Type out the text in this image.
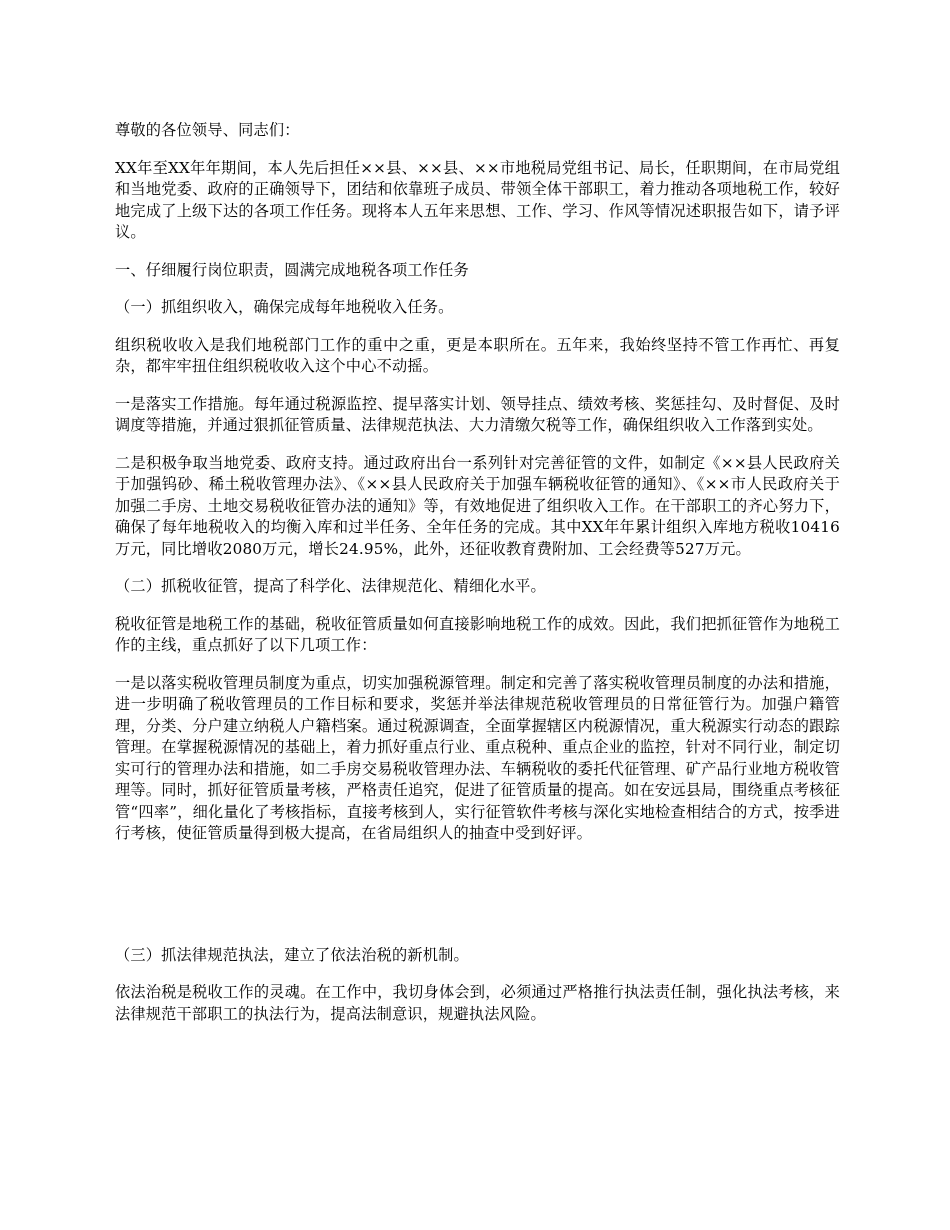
尊敬的各位领导、同志们：

XX年至XX年年期间，本人先后担任××县、××县、××市地税局党组书记、局长，任职期间，在市局党组和当地党委、政府的正确领导下，团结和依靠班子成员、带领全体干部职工，着力推动各项地税工作，较好地完成了上级下达的各项工作任务。现将本人五年来思想、工作、学习、作风等情况述职报告如下，请予评议。

一、仔细履行岗位职责，圆满完成地税各项工作任务

（一）抓组织收入，确保完成每年地税收入任务。

组织税收收入是我们地税部门工作的重中之重，更是本职所在。五年来，我始终坚持不管工作再忙、再复杂，都牢牢扭住组织税收收入这个中心不动摇。

一是落实工作措施。每年通过税源监控、提早落实计划、领导挂点、绩效考核、奖惩挂勾、及时督促、及时调度等措施，并通过狠抓征管质量、法律规范执法、大力清缴欠税等工作，确保组织收入工作落到实处。

二是积极争取当地党委、政府支持。通过政府出台一系列针对完善征管的文件，如制定《××县人民政府关于加强钨砂、稀土税收管理办法》、《××县人民政府关于加强车辆税收征管的通知》、《××市人民政府关于加强二手房、土地交易税收征管办法的通知》等，有效地促进了组织收入工作。在干部职工的齐心努力下，确保了每年地税收入的均衡入库和过半任务、全年任务的完成。其中XX年年累计组织入库地方税收10416万元，同比增收2080万元，增长24.95%，此外，还征收教育费附加、工会经费等527万元。

（二）抓税收征管，提高了科学化、法律规范化、精细化水平。

税收征管是地税工作的基础，税收征管质量如何直接影响地税工作的成效。因此，我们把抓征管作为地税工作的主线，重点抓好了以下几项工作：

一是以落实税收管理员制度为重点，切实加强税源管理。制定和完善了落实税收管理员制度的办法和措施，进一步明确了税收管理员的工作目标和要求，奖惩并举法律规范税收管理员的日常征管行为。加强户籍管理，分类、分户建立纳税人户籍档案。通过税源调查，全面掌握辖区内税源情况，重大税源实行动态的跟踪管理。在掌握税源情况的基础上，着力抓好重点行业、重点税种、重点企业的监控，针对不同行业，制定切实可行的管理办法和措施，如二手房交易税收管理办法、车辆税收的委托代征管理、矿产品行业地方税收管理等。同时，抓好征管质量考核，严格责任追究，促进了征管质量的提高。如在安远县局，围绕重点考核征管“四率”，细化量化了考核指标，直接考核到人，实行征管软件考核与深化实地检查相结合的方式，按季进行考核，使征管质量得到极大提高，在省局组织人的抽查中受到好评。

（三）抓法律规范执法，建立了依法治税的新机制。

依法治税是税收工作的灵魂。在工作中，我切身体会到，必须通过严格推行执法责任制，强化执法考核，来法律规范干部职工的执法行为，提高法制意识，规避执法风险。
